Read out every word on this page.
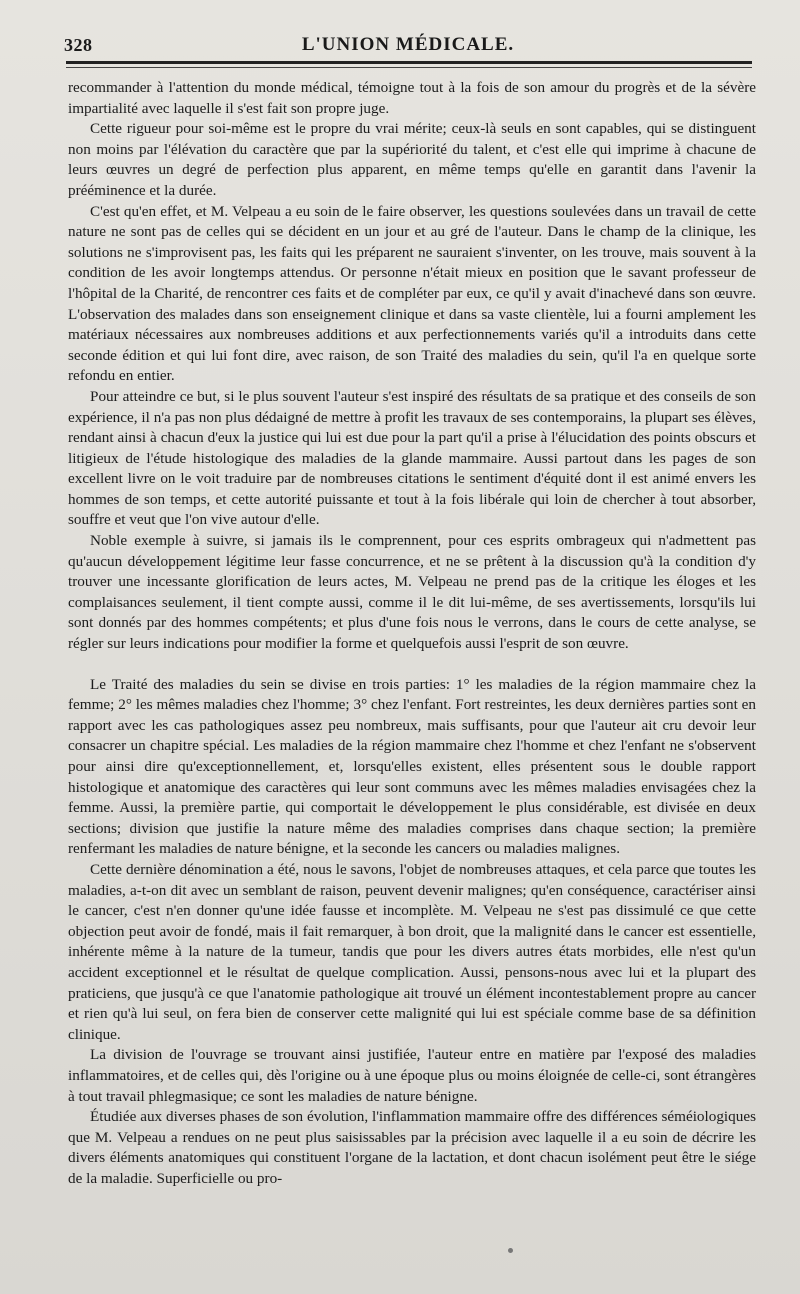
328	L'UNION MÉDICALE.

recommander à l'attention du monde médical, témoigne tout à la fois de son amour du progrès et de la sévère impartialité avec laquelle il s'est fait son propre juge.

Cette rigueur pour soi-même est le propre du vrai mérite; ceux-là seuls en sont capables, qui se distinguent non moins par l'élévation du caractère que par la supériorité du talent, et c'est elle qui imprime à chacune de leurs œuvres un degré de perfection plus apparent, en même temps qu'elle en garantit dans l'avenir la prééminence et la durée.

C'est qu'en effet, et M. Velpeau a eu soin de le faire observer, les questions soulevées dans un travail de cette nature ne sont pas de celles qui se décident en un jour et au gré de l'auteur. Dans le champ de la clinique, les solutions ne s'improvisent pas, les faits qui les préparent ne sauraient s'inventer, on les trouve, mais souvent à la condition de les avoir longtemps attendus. Or personne n'était mieux en position que le savant professeur de l'hôpital de la Charité, de rencontrer ces faits et de compléter par eux, ce qu'il y avait d'inachevé dans son œuvre. L'observation des malades dans son enseignement clinique et dans sa vaste clientèle, lui a fourni amplement les matériaux nécessaires aux nombreuses additions et aux perfectionnements variés qu'il a introduits dans cette seconde édition et qui lui font dire, avec raison, de son Traité des maladies du sein, qu'il l'a en quelque sorte refondu en entier.

Pour atteindre ce but, si le plus souvent l'auteur s'est inspiré des résultats de sa pratique et des conseils de son expérience, il n'a pas non plus dédaigné de mettre à profit les travaux de ses contemporains, la plupart ses élèves, rendant ainsi à chacun d'eux la justice qui lui est due pour la part qu'il a prise à l'élucidation des points obscurs et litigieux de l'étude histologique des maladies de la glande mammaire. Aussi partout dans les pages de son excellent livre on le voit traduire par de nombreuses citations le sentiment d'équité dont il est animé envers les hommes de son temps, et cette autorité puissante et tout à la fois libérale qui loin de chercher à tout absorber, souffre et veut que l'on vive autour d'elle.

Noble exemple à suivre, si jamais ils le comprennent, pour ces esprits ombrageux qui n'admettent pas qu'aucun développement légitime leur fasse concurrence, et ne se prêtent à la discussion qu'à la condition d'y trouver une incessante glorification de leurs actes, M. Velpeau ne prend pas de la critique les éloges et les complaisances seulement, il tient compte aussi, comme il le dit lui-même, de ses avertissements, lorsqu'ils lui sont donnés par des hommes compétents; et plus d'une fois nous le verrons, dans le cours de cette analyse, se régler sur leurs indications pour modifier la forme et quelquefois aussi l'esprit de son œuvre.

Le Traité des maladies du sein se divise en trois parties: 1° les maladies de la région mammaire chez la femme; 2° les mêmes maladies chez l'homme; 3° chez l'enfant. Fort restreintes, les deux dernières parties sont en rapport avec les cas pathologiques assez peu nombreux, mais suffisants, pour que l'auteur ait cru devoir leur consacrer un chapitre spécial. Les maladies de la région mammaire chez l'homme et chez l'enfant ne s'observent pour ainsi dire qu'exceptionnellement, et, lorsqu'elles existent, elles présentent sous le double rapport histologique et anatomique des caractères qui leur sont communs avec les mêmes maladies envisagées chez la femme. Aussi, la première partie, qui comportait le développement le plus considérable, est divisée en deux sections; division que justifie la nature même des maladies comprises dans chaque section; la première renfermant les maladies de nature bénigne, et la seconde les cancers ou maladies malignes.

Cette dernière dénomination a été, nous le savons, l'objet de nombreuses attaques, et cela parce que toutes les maladies, a-t-on dit avec un semblant de raison, peuvent devenir malignes; qu'en conséquence, caractériser ainsi le cancer, c'est n'en donner qu'une idée fausse et incomplète. M. Velpeau ne s'est pas dissimulé ce que cette objection peut avoir de fondé, mais il fait remarquer, à bon droit, que la malignité dans le cancer est essentielle, inhérente même à la nature de la tumeur, tandis que pour les divers autres états morbides, elle n'est qu'un accident exceptionnel et le résultat de quelque complication. Aussi, pensons-nous avec lui et la plupart des praticiens, que jusqu'à ce que l'anatomie pathologique ait trouvé un élément incontestablement propre au cancer et rien qu'à lui seul, on fera bien de conserver cette malignité qui lui est spéciale comme base de sa définition clinique.

La division de l'ouvrage se trouvant ainsi justifiée, l'auteur entre en matière par l'exposé des maladies inflammatoires, et de celles qui, dès l'origine ou à une époque plus ou moins éloignée de celle-ci, sont étrangères à tout travail phlegmasique; ce sont les maladies de nature bénigne.

Étudiée aux diverses phases de son évolution, l'inflammation mammaire offre des différences séméiologiques que M. Velpeau a rendues on ne peut plus saisissables par la précision avec laquelle il a eu soin de décrire les divers éléments anatomiques qui constituent l'organe de la lactation, et dont chacun isolément peut être le siége de la maladie. Superficielle ou pro-
